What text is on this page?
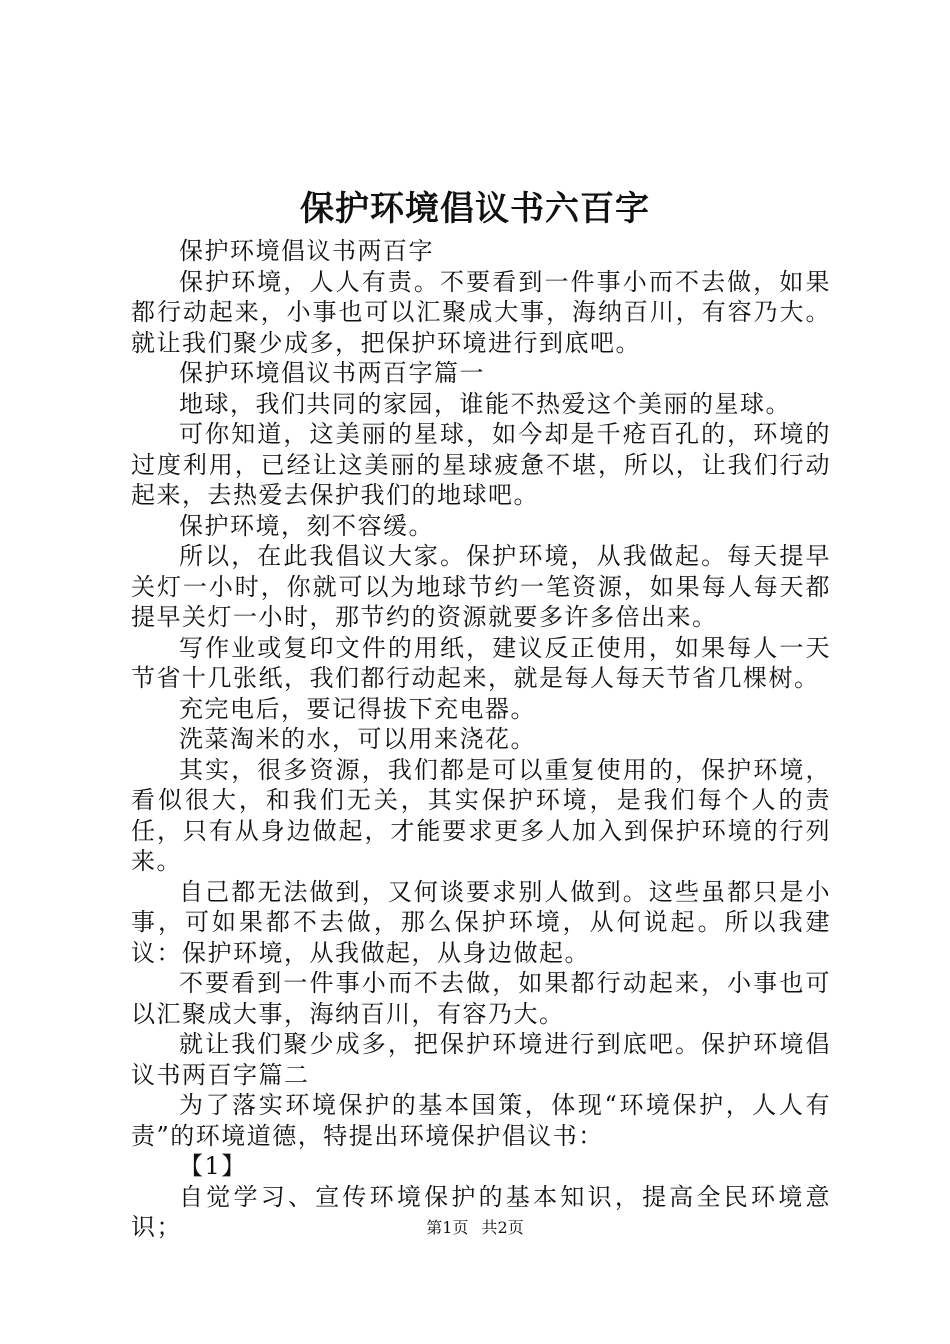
保护环境倡议书六百字

保护环境倡议书两百字

保护环境，人人有责。不要看到一件事小而不去做，如果都行动起来，小事也可以汇聚成大事，海纳百川，有容乃大。就让我们聚少成多，把保护环境进行到底吧。

保护环境倡议书两百字篇一

地球，我们共同的家园，谁能不热爱这个美丽的星球。

可你知道，这美丽的星球，如今却是千疮百孔的，环境的过度利用，已经让这美丽的星球疲惫不堪，所以，让我们行动起来，去热爱去保护我们的地球吧。

保护环境，刻不容缓。

所以，在此我倡议大家。保护环境，从我做起。每天提早关灯一小时，你就可以为地球节约一笔资源，如果每人每天都提早关灯一小时，那节约的资源就要多许多倍出来。

写作业或复印文件的用纸，建议反正使用，如果每人一天节省十几张纸，我们都行动起来，就是每人每天节省几棵树。

充完电后，要记得拔下充电器。

洗菜淘米的水，可以用来浇花。

其实，很多资源，我们都是可以重复使用的，保护环境，看似很大，和我们无关，其实保护环境，是我们每个人的责任，只有从身边做起，才能要求更多人加入到保护环境的行列来。

自己都无法做到，又何谈要求别人做到。这些虽都只是小事，可如果都不去做，那么保护环境，从何说起。所以我建议：保护环境，从我做起，从身边做起。

不要看到一件事小而不去做，如果都行动起来，小事也可以汇聚成大事，海纳百川，有容乃大。

就让我们聚少成多，把保护环境进行到底吧。保护环境倡议书两百字篇二

为了落实环境保护的基本国策，体现“环境保护，人人有责”的环境道德，特提出环境保护倡议书：

【1】

自觉学习、宣传环境保护的基本知识，提高全民环境意识；	第1页 共2页
